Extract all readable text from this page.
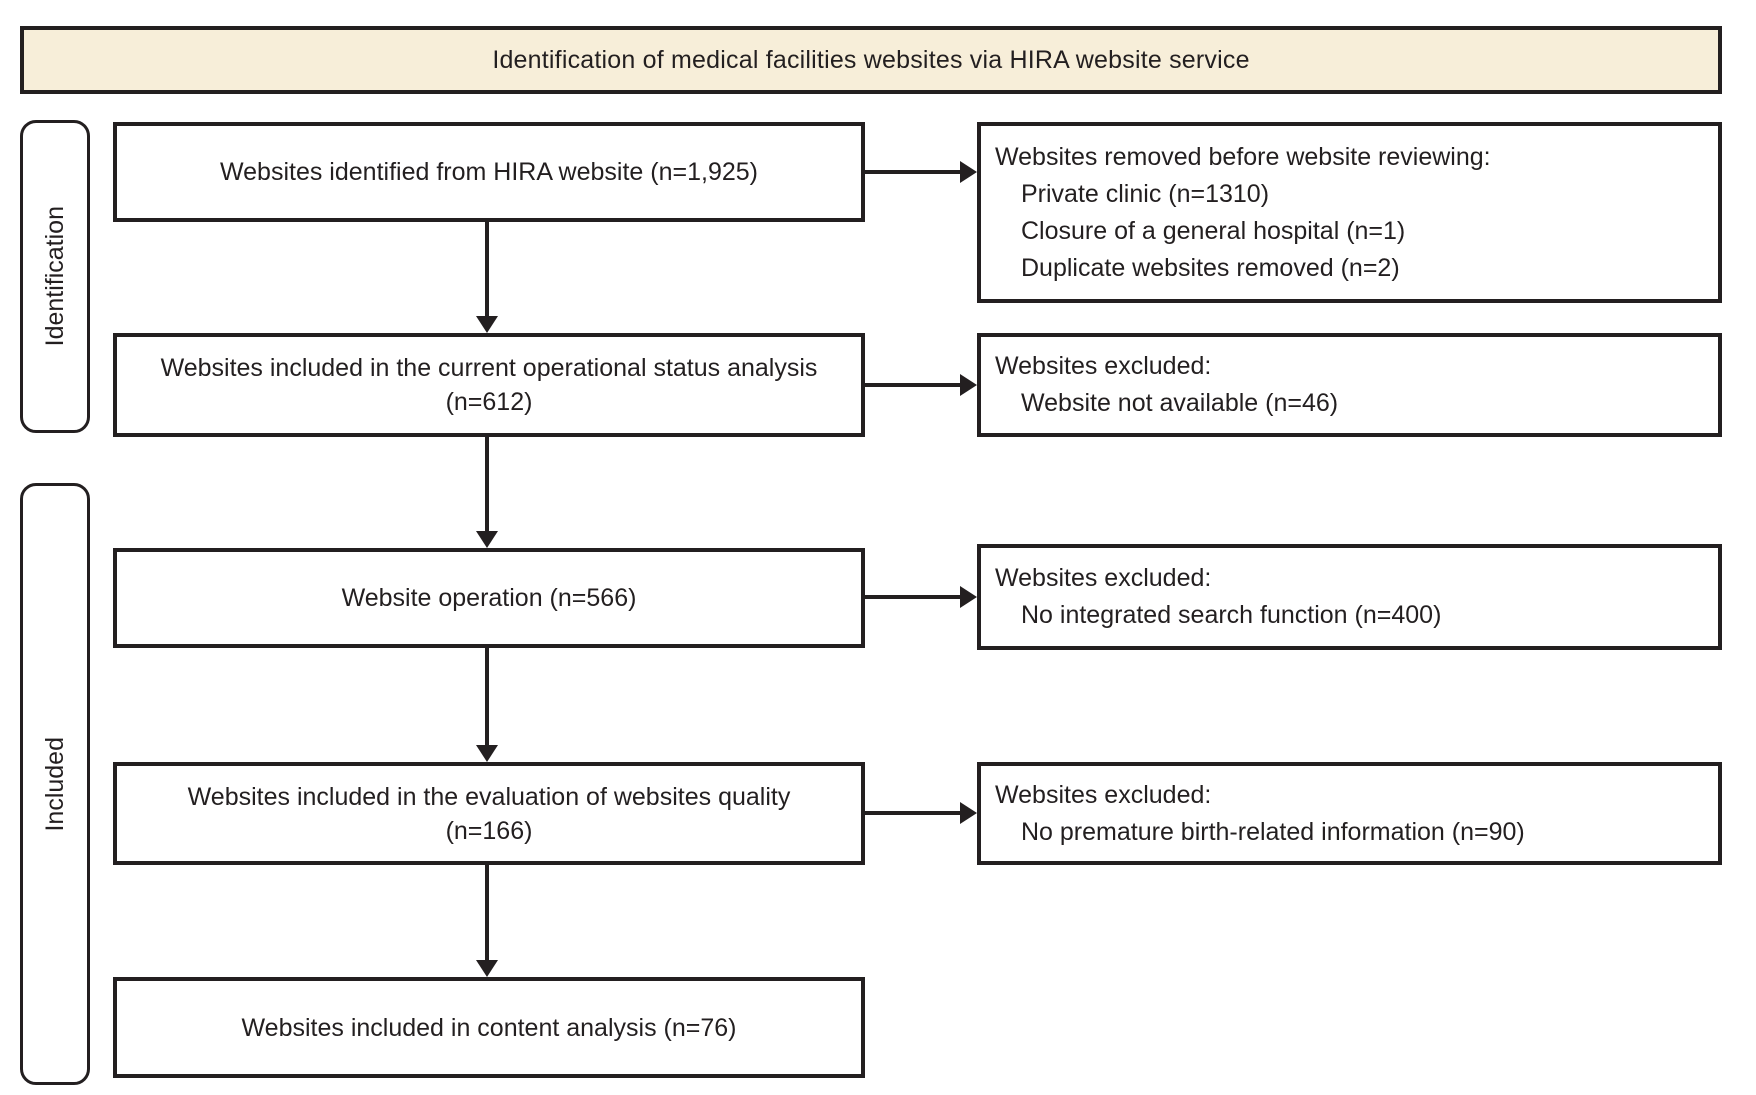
Identification of medical facilities websites via HIRA website service
Identification
Included
Websites identified from HIRA website (n=1,925)
Websites included in the current operational status analysis (n=612)
Website operation (n=566)
Websites included in the evaluation of websites quality (n=166)
Websites included in content analysis (n=76)
Websites removed before website reviewing:
Private clinic (n=1310)
Closure of a general hospital (n=1)
Duplicate websites removed (n=2)
Websites excluded:
Website not available (n=46)
Websites excluded:
No integrated search function (n=400)
Websites excluded:
No premature birth-related information (n=90)
